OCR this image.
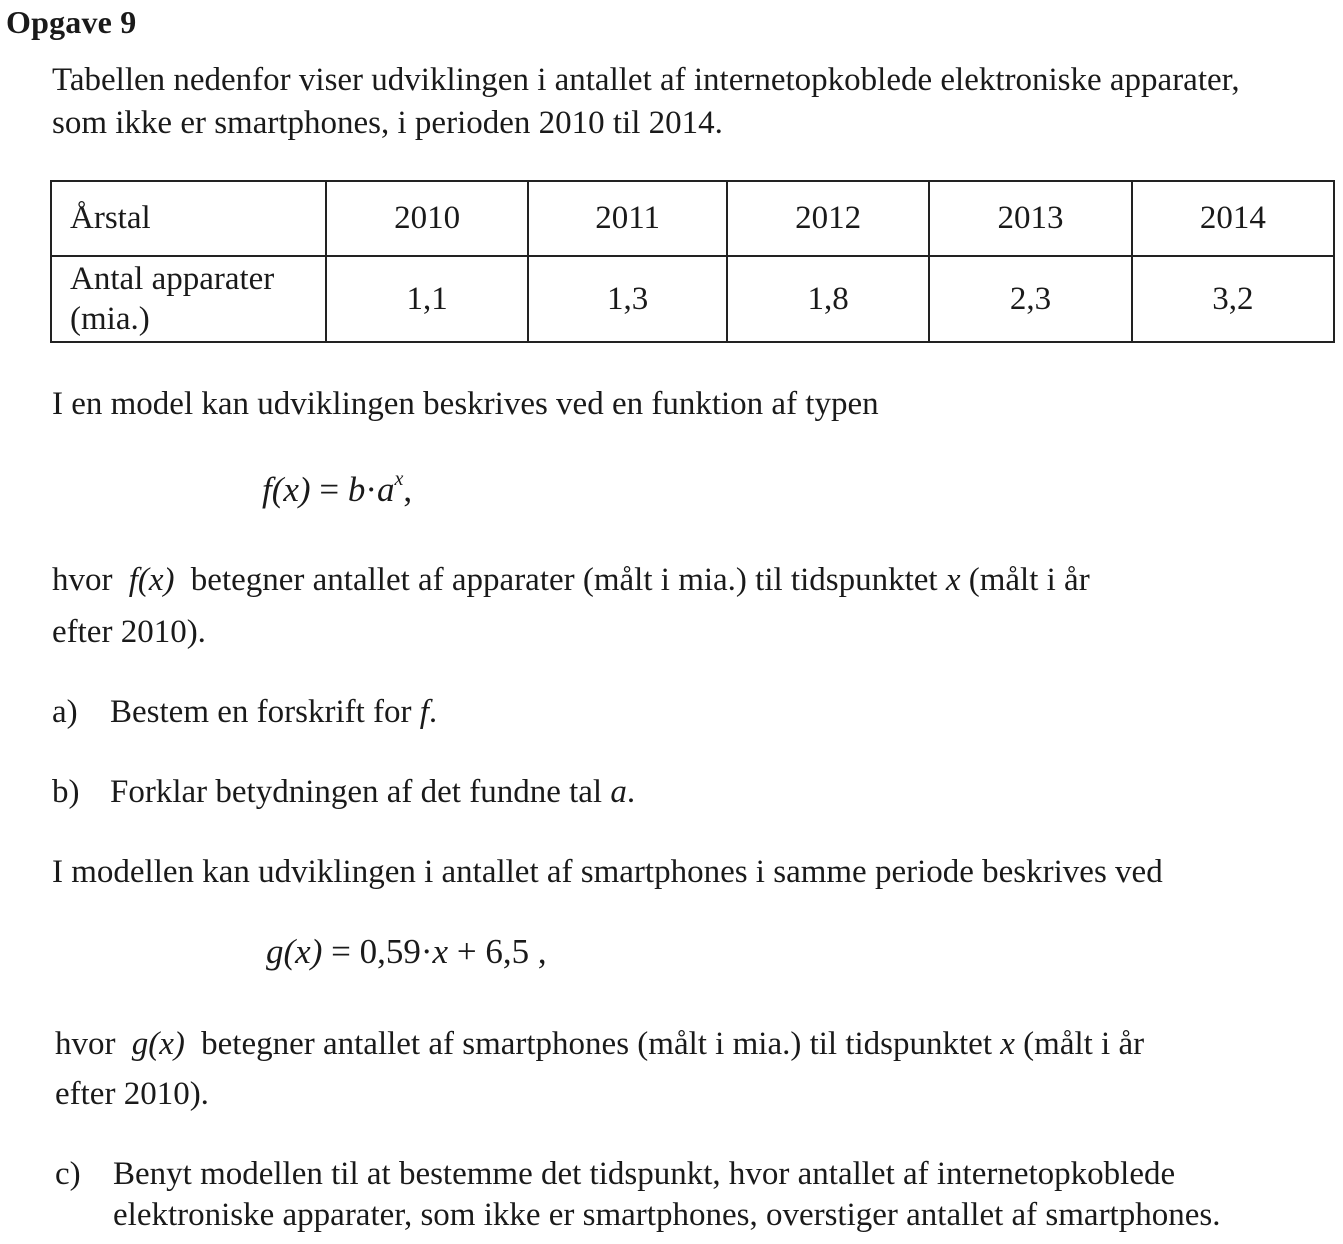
Opgave 9
Tabellen nedenfor viser udviklingen i antallet af internetopkoblede elektroniske apparater,
som ikke er smartphones, i perioden 2010 til 2014.
Årstal	2010	2011	2012	2013	2014

Antal apparater
(mia.)	1,1	1,3	1,8	2,3	3,2
I en model kan udviklingen beskrives ved en funktion af typen
$f(x) = b\cdot a^x$,
hvor f(x) betegner antallet af apparater (målt i mia.) til tidspunktet x (målt i år
efter 2010).
a) Bestem en forskrift for f.
b) Forklar betydningen af det fundne tal a.
I modellen kan udviklingen i antallet af smartphones i samme periode beskrives ved
g(x) = 0,59·x + 6,5 ,
hvor g(x) betegner antallet af smartphones (målt i mia.) til tidspunktet x (målt i år
efter 2010).
c) Benyt modellen til at bestemme det tidspunkt, hvor antallet af internetopkoblede
elektroniske apparater, som ikke er smartphones, overstiger antallet af smartphones.
